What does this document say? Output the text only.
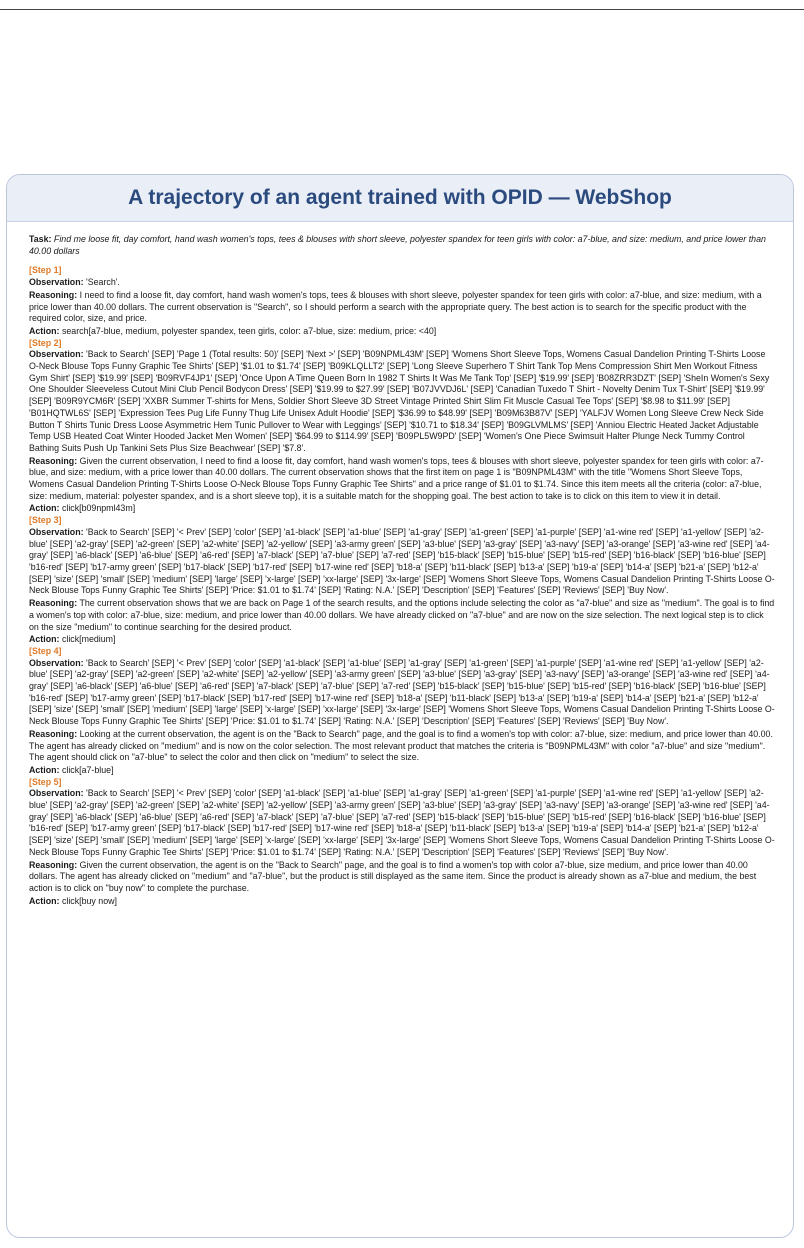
A trajectory of an agent trained with OPID — WebShop

Task: Find me loose fit, day comfort, hand wash women's tops, tees & blouses with short sleeve, polyester spandex for teen girls with color: a7-blue, and size: medium, and price lower than 40.00 dollars

[Step 1]

Observation: 'Search'.

Reasoning: I need to find a loose fit, day comfort, hand wash women's tops, tees & blouses with short sleeve, polyester spandex for teen girls with color: a7-blue, and size: medium, with a price lower than 40.00 dollars. The current observation is "Search", so I should perform a search with the appropriate query. The best action is to search for the specific product with the required color, size, and price.

Action: search[a7-blue, medium, polyester spandex, teen girls, color: a7-blue, size: medium, price: <40]

[Step 2]

Observation: 'Back to Search' [SEP] 'Page 1 (Total results: 50)' [SEP] 'Next >' [SEP] 'B09NPML43M' [SEP] 'Womens Short Sleeve Tops, Womens Casual Dandelion Printing T-Shirts Loose O-Neck Blouse Tops Funny Graphic Tee Shirts' [SEP] '$1.01 to $1.74' [SEP] 'B09KLQLLT2' [SEP] 'Long Sleeve Superhero T Shirt Tank Top Mens Compression Shirt Men Workout Fitness Gym Shirt' [SEP] '$19.99' [SEP] 'B09RVF4JP1' [SEP] 'Once Upon A Time Queen Born In 1982 T Shirts It Was Me Tank Top' [SEP] '$19.99' [SEP] 'B08ZRR3DZT' [SEP] 'SheIn Women's Sexy One Shoulder Sleeveless Cutout Mini Club Pencil Bodycon Dress' [SEP] '$19.99 to $27.99' [SEP] 'B07JVVDJ6L' [SEP] 'Canadian Tuxedo T Shirt - Novelty Denim Tux T-Shirt' [SEP] '$19.99' [SEP] 'B09R9YCM6R' [SEP] 'XXBR Summer T-shirts for Mens, Soldier Short Sleeve 3D Street Vintage Printed Shirt Slim Fit Muscle Casual Tee Tops' [SEP] '$8.98 to $11.99' [SEP] 'B01HQTWL6S' [SEP] 'Expression Tees Pug Life Funny Thug Life Unisex Adult Hoodie' [SEP] '$36.99 to $48.99' [SEP] 'B09M63B87V' [SEP] 'YALFJV Women Long Sleeve Crew Neck Side Button T Shirts Tunic Dress Loose Asymmetric Hem Tunic Pullover to Wear with Leggings' [SEP] '$10.71 to $18.34' [SEP] 'B09GLVMLMS' [SEP] 'Anniou Electric Heated Jacket Adjustable Temp USB Heated Coat Winter Hooded Jacket Men Women' [SEP] '$64.99 to $114.99' [SEP] 'B09PL5W9PD' [SEP] 'Women's One Piece Swimsuit Halter Plunge Neck Tummy Control Bathing Suits Push Up Tankini Sets Plus Size Beachwear' [SEP] '$7.8'.

Reasoning: Given the current observation, I need to find a loose fit, day comfort, hand wash women's tops, tees & blouses with short sleeve, polyester spandex for teen girls with color: a7-blue, and size: medium, with a price lower than 40.00 dollars. The current observation shows that the first item on page 1 is "B09NPML43M" with the title "Womens Short Sleeve Tops, Womens Casual Dandelion Printing T-Shirts Loose O-Neck Blouse Tops Funny Graphic Tee Shirts" and a price range of $1.01 to $1.74. Since this item meets all the criteria (color: a7-blue, size: medium, material: polyester spandex, and is a short sleeve top), it is a suitable match for the shopping goal. The best action to take is to click on this item to view it in detail.

Action: click[b09npml43m]

[Step 3]

Observation: 'Back to Search' [SEP] '< Prev' [SEP] 'color' [SEP] 'a1-black' [SEP] 'a1-blue' [SEP] 'a1-gray' [SEP] 'a1-green' [SEP] 'a1-purple' [SEP] 'a1-wine red' [SEP] 'a1-yellow' [SEP] 'a2-blue' [SEP] 'a2-gray' [SEP] 'a2-green' [SEP] 'a2-white' [SEP] 'a2-yellow' [SEP] 'a3-army green' [SEP] 'a3-blue' [SEP] 'a3-gray' [SEP] 'a3-navy' [SEP] 'a3-orange' [SEP] 'a3-wine red' [SEP] 'a4-gray' [SEP] 'a6-black' [SEP] 'a6-blue' [SEP] 'a6-red' [SEP] 'a7-black' [SEP] 'a7-blue' [SEP] 'a7-red' [SEP] 'b15-black' [SEP] 'b15-blue' [SEP] 'b15-red' [SEP] 'b16-black' [SEP] 'b16-blue' [SEP] 'b16-red' [SEP] 'b17-army green' [SEP] 'b17-black' [SEP] 'b17-red' [SEP] 'b17-wine red' [SEP] 'b18-a' [SEP] 'b11-black' [SEP] 'b13-a' [SEP] 'b19-a' [SEP] 'b14-a' [SEP] 'b21-a' [SEP] 'b12-a' [SEP] 'size' [SEP] 'small' [SEP] 'medium' [SEP] 'large' [SEP] 'x-large' [SEP] 'xx-large' [SEP] '3x-large' [SEP] 'Womens Short Sleeve Tops, Womens Casual Dandelion Printing T-Shirts Loose O-Neck Blouse Tops Funny Graphic Tee Shirts' [SEP] 'Price: $1.01 to $1.74' [SEP] 'Rating: N.A.' [SEP] 'Description' [SEP] 'Features' [SEP] 'Reviews' [SEP] 'Buy Now'.

Reasoning: The current observation shows that we are back on Page 1 of the search results, and the options include selecting the color as "a7-blue" and size as "medium". The goal is to find a women's top with color: a7-blue, size: medium, and price lower than 40.00 dollars. We have already clicked on "a7-blue" and are now on the size selection. The next logical step is to click on the size "medium" to continue searching for the desired product.

Action: click[medium]

[Step 4]

Observation: 'Back to Search' [SEP] '< Prev' [SEP] 'color' [SEP] 'a1-black' [SEP] 'a1-blue' [SEP] 'a1-gray' [SEP] 'a1-green' [SEP] 'a1-purple' [SEP] 'a1-wine red' [SEP] 'a1-yellow' [SEP] 'a2-blue' [SEP] 'a2-gray' [SEP] 'a2-green' [SEP] 'a2-white' [SEP] 'a2-yellow' [SEP] 'a3-army green' [SEP] 'a3-blue' [SEP] 'a3-gray' [SEP] 'a3-navy' [SEP] 'a3-orange' [SEP] 'a3-wine red' [SEP] 'a4-gray' [SEP] 'a6-black' [SEP] 'a6-blue' [SEP] 'a6-red' [SEP] 'a7-black' [SEP] 'a7-blue' [SEP] 'a7-red' [SEP] 'b15-black' [SEP] 'b15-blue' [SEP] 'b15-red' [SEP] 'b16-black' [SEP] 'b16-blue' [SEP] 'b16-red' [SEP] 'b17-army green' [SEP] 'b17-black' [SEP] 'b17-red' [SEP] 'b17-wine red' [SEP] 'b18-a' [SEP] 'b11-black' [SEP] 'b13-a' [SEP] 'b19-a' [SEP] 'b14-a' [SEP] 'b21-a' [SEP] 'b12-a' [SEP] 'size' [SEP] 'small' [SEP] 'medium' [SEP] 'large' [SEP] 'x-large' [SEP] 'xx-large' [SEP] '3x-large' [SEP] 'Womens Short Sleeve Tops, Womens Casual Dandelion Printing T-Shirts Loose O-Neck Blouse Tops Funny Graphic Tee Shirts' [SEP] 'Price: $1.01 to $1.74' [SEP] 'Rating: N.A.' [SEP] 'Description' [SEP] 'Features' [SEP] 'Reviews' [SEP] 'Buy Now'.

Reasoning: Looking at the current observation, the agent is on the "Back to Search" page, and the goal is to find a women's top with color: a7-blue, size: medium, and price lower than 40.00. The agent has already clicked on "medium" and is now on the color selection. The most relevant product that matches the criteria is "B09NPML43M" with color "a7-blue" and size "medium". The agent should click on "a7-blue" to select the color and then click on "medium" to select the size.

Action: click[a7-blue]

[Step 5]

Observation: 'Back to Search' [SEP] '< Prev' [SEP] 'color' [SEP] 'a1-black' [SEP] 'a1-blue' [SEP] 'a1-gray' [SEP] 'a1-green' [SEP] 'a1-purple' [SEP] 'a1-wine red' [SEP] 'a1-yellow' [SEP] 'a2-blue' [SEP] 'a2-gray' [SEP] 'a2-green' [SEP] 'a2-white' [SEP] 'a2-yellow' [SEP] 'a3-army green' [SEP] 'a3-blue' [SEP] 'a3-gray' [SEP] 'a3-navy' [SEP] 'a3-orange' [SEP] 'a3-wine red' [SEP] 'a4-gray' [SEP] 'a6-black' [SEP] 'a6-blue' [SEP] 'a6-red' [SEP] 'a7-black' [SEP] 'a7-blue' [SEP] 'a7-red' [SEP] 'b15-black' [SEP] 'b15-blue' [SEP] 'b15-red' [SEP] 'b16-black' [SEP] 'b16-blue' [SEP] 'b16-red' [SEP] 'b17-army green' [SEP] 'b17-black' [SEP] 'b17-red' [SEP] 'b17-wine red' [SEP] 'b18-a' [SEP] 'b11-black' [SEP] 'b13-a' [SEP] 'b19-a' [SEP] 'b14-a' [SEP] 'b21-a' [SEP] 'b12-a' [SEP] 'size' [SEP] 'small' [SEP] 'medium' [SEP] 'large' [SEP] 'x-large' [SEP] 'xx-large' [SEP] '3x-large' [SEP] 'Womens Short Sleeve Tops, Womens Casual Dandelion Printing T-Shirts Loose O-Neck Blouse Tops Funny Graphic Tee Shirts' [SEP] 'Price: $1.01 to $1.74' [SEP] 'Rating: N.A.' [SEP] 'Description' [SEP] 'Features' [SEP] 'Reviews' [SEP] 'Buy Now'.

Reasoning: Given the current observation, the agent is on the "Back to Search" page, and the goal is to find a women's top with color a7-blue, size medium, and price lower than 40.00 dollars. The agent has already clicked on "medium" and "a7-blue", but the product is still displayed as the same item. Since the product is already shown as a7-blue and medium, the best action is to click on "buy now" to complete the purchase.

Action: click[buy now]
